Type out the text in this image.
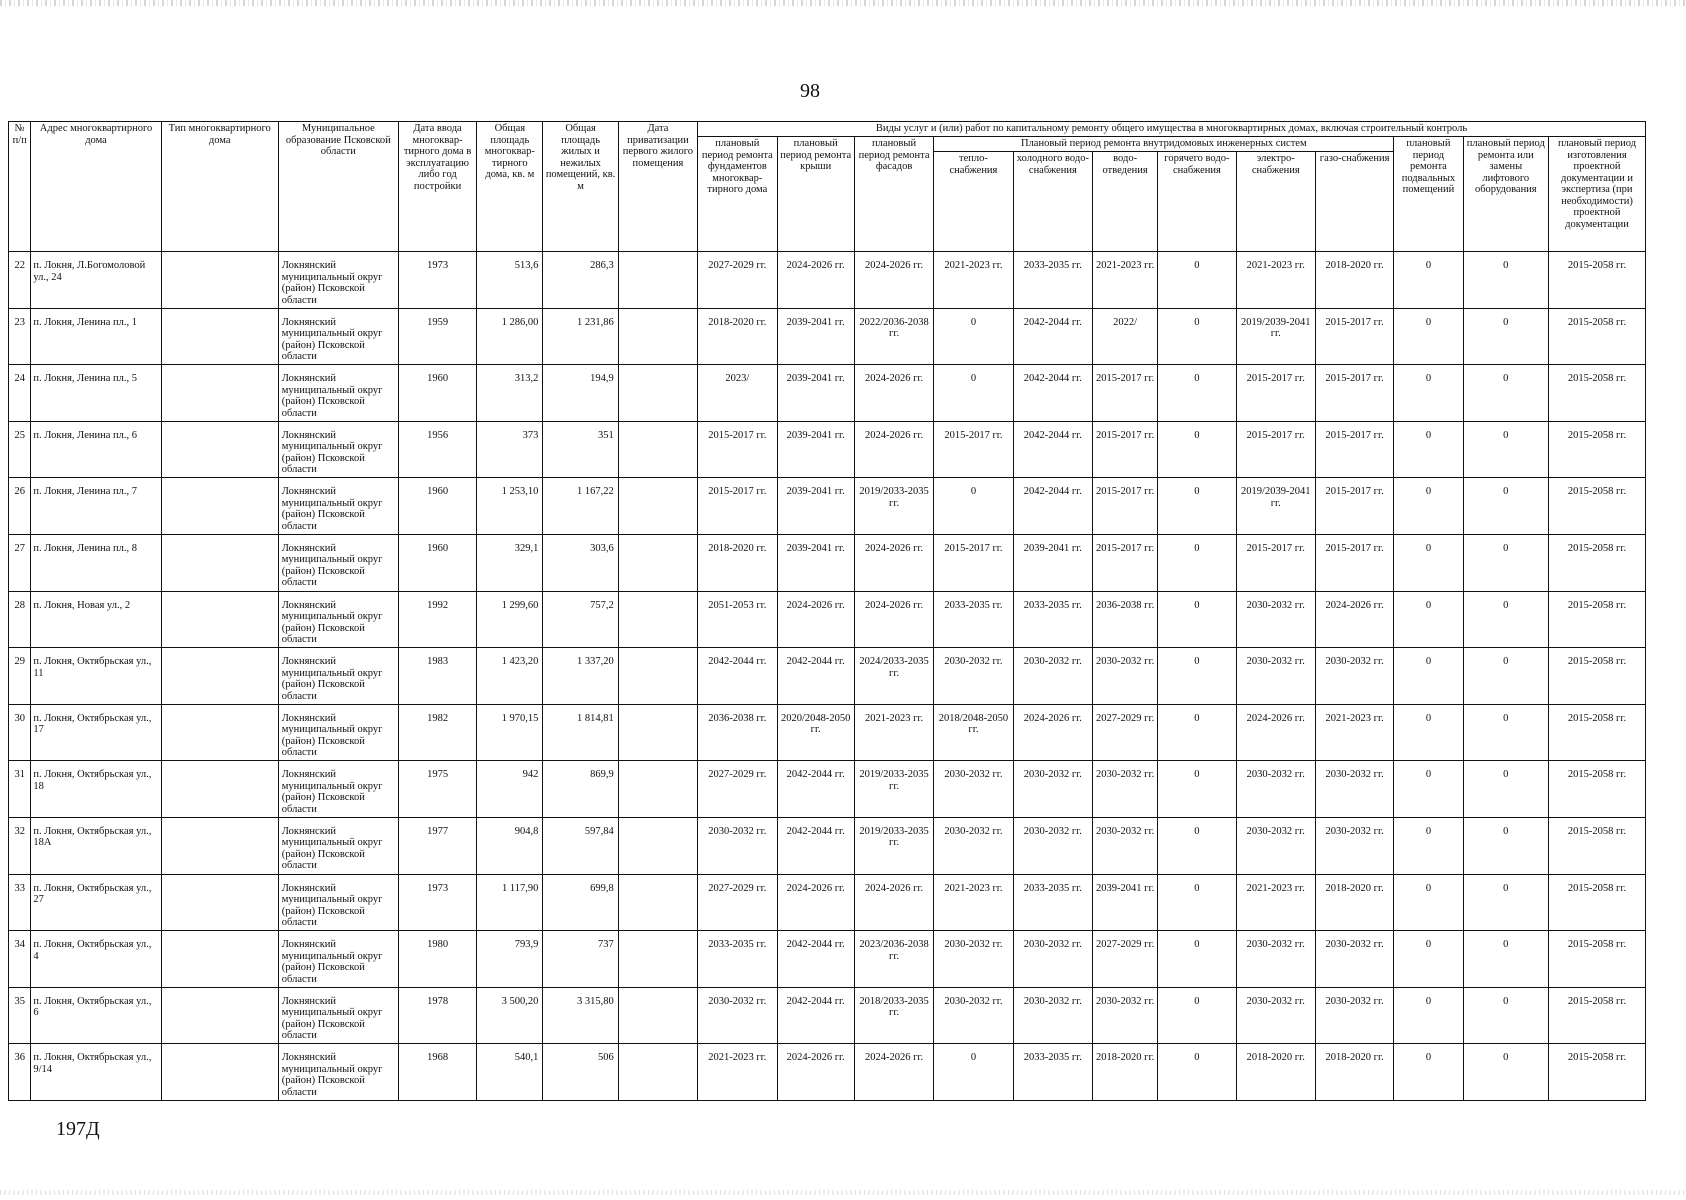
98
№ п/п	Адрес многоквартирного дома	Тип многоквартирного дома	Муниципальное образование Псковской области	Дата ввода многоквар-тирного дома в эксплуатацию либо год постройки	Общая площадь многоквар-тирного дома, кв. м	Общая площадь жилых и нежилых помещений, кв. м	Дата приватизации первого жилого помещения	Виды услуг и (или) работ по капитальному ремонту общего имущества в многоквартирных домах, включая строительный контроль											
								плановый период ремонта фундаментов многоквар-тирного дома	плановый период ремонта крыши	плановый период ремонта фасадов	Плановый период ремонта внутридомовых инженерных систем						плановый период ремонта подвальных помещений	плановый период ремонта или замены лифтового оборудования	плановый период изготовления проектной документации и экспертиза (при необходимости) проектной документации
											тепло-снабжения	холодного водо-снабжения	водо-отведения	горячего водо-снабжения	электро-снабжения	газо-снабжения			
22	п. Локня, Л.Богомоловой ул., 24		Локнянский муниципальный округ (район) Псковской области	1973	513,6	286,3		2027-2029 гг.	2024-2026 гг.	2024-2026 гг.	2021-2023 гг.	2033-2035 гг.	2021-2023 гг.	0	2021-2023 гг.	2018-2020 гг.	0	0	2015-2058 гг.
23	п. Локня, Ленина пл., 1		Локнянский муниципальный округ (район) Псковской области	1959	1 286,00	1 231,86		2018-2020 гг.	2039-2041 гг.	2022/2036-2038 гг.	0	2042-2044 гг.	2022/	0	2019/2039-2041 гг.	2015-2017 гг.	0	0	2015-2058 гг.
24	п. Локня, Ленина пл., 5		Локнянский муниципальный округ (район) Псковской области	1960	313,2	194,9		2023/	2039-2041 гг.	2024-2026 гг.	0	2042-2044 гг.	2015-2017 гг.	0	2015-2017 гг.	2015-2017 гг.	0	0	2015-2058 гг.
25	п. Локня, Ленина пл., 6		Локнянский муниципальный округ (район) Псковской области	1956	373	351		2015-2017 гг.	2039-2041 гг.	2024-2026 гг.	2015-2017 гг.	2042-2044 гг.	2015-2017 гг.	0	2015-2017 гг.	2015-2017 гг.	0	0	2015-2058 гг.
26	п. Локня, Ленина пл., 7		Локнянский муниципальный округ (район) Псковской области	1960	1 253,10	1 167,22		2015-2017 гг.	2039-2041 гг.	2019/2033-2035 гг.	0	2042-2044 гг.	2015-2017 гг.	0	2019/2039-2041 гг.	2015-2017 гг.	0	0	2015-2058 гг.
27	п. Локня, Ленина пл., 8		Локнянский муниципальный округ (район) Псковской области	1960	329,1	303,6		2018-2020 гг.	2039-2041 гг.	2024-2026 гг.	2015-2017 гг.	2039-2041 гг.	2015-2017 гг.	0	2015-2017 гг.	2015-2017 гг.	0	0	2015-2058 гг.
28	п. Локня, Новая ул., 2		Локнянский муниципальный округ (район) Псковской области	1992	1 299,60	757,2		2051-2053 гг.	2024-2026 гг.	2024-2026 гг.	2033-2035 гг.	2033-2035 гг.	2036-2038 гг.	0	2030-2032 гг.	2024-2026 гг.	0	0	2015-2058 гг.
29	п. Локня, Октябрьская ул., 11		Локнянский муниципальный округ (район) Псковской области	1983	1 423,20	1 337,20		2042-2044 гг.	2042-2044 гг.	2024/2033-2035 гг.	2030-2032 гг.	2030-2032 гг.	2030-2032 гг.	0	2030-2032 гг.	2030-2032 гг.	0	0	2015-2058 гг.
30	п. Локня, Октябрьская ул., 17		Локнянский муниципальный округ (район) Псковской области	1982	1 970,15	1 814,81		2036-2038 гг.	2020/2048-2050 гг.	2021-2023 гг.	2018/2048-2050 гг.	2024-2026 гг.	2027-2029 гг.	0	2024-2026 гг.	2021-2023 гг.	0	0	2015-2058 гг.
31	п. Локня, Октябрьская ул., 18		Локнянский муниципальный округ (район) Псковской области	1975	942	869,9		2027-2029 гг.	2042-2044 гг.	2019/2033-2035 гг.	2030-2032 гг.	2030-2032 гг.	2030-2032 гг.	0	2030-2032 гг.	2030-2032 гг.	0	0	2015-2058 гг.
32	п. Локня, Октябрьская ул., 18А		Локнянский муниципальный округ (район) Псковской области	1977	904,8	597,84		2030-2032 гг.	2042-2044 гг.	2019/2033-2035 гг.	2030-2032 гг.	2030-2032 гг.	2030-2032 гг.	0	2030-2032 гг.	2030-2032 гг.	0	0	2015-2058 гг.
33	п. Локня, Октябрьская ул., 27		Локнянский муниципальный округ (район) Псковской области	1973	1 117,90	699,8		2027-2029 гг.	2024-2026 гг.	2024-2026 гг.	2021-2023 гг.	2033-2035 гг.	2039-2041 гг.	0	2021-2023 гг.	2018-2020 гг.	0	0	2015-2058 гг.
34	п. Локня, Октябрьская ул., 4		Локнянский муниципальный округ (район) Псковской области	1980	793,9	737		2033-2035 гг.	2042-2044 гг.	2023/2036-2038 гг.	2030-2032 гг.	2030-2032 гг.	2027-2029 гг.	0	2030-2032 гг.	2030-2032 гг.	0	0	2015-2058 гг.
35	п. Локня, Октябрьская ул., 6		Локнянский муниципальный округ (район) Псковской области	1978	3 500,20	3 315,80		2030-2032 гг.	2042-2044 гг.	2018/2033-2035 гг.	2030-2032 гг.	2030-2032 гг.	2030-2032 гг.	0	2030-2032 гг.	2030-2032 гг.	0	0	2015-2058 гг.
36	п. Локня, Октябрьская ул., 9/14		Локнянский муниципальный округ (район) Псковской области	1968	540,1	506		2021-2023 гг.	2024-2026 гг.	2024-2026 гг.	0	2033-2035 гг.	2018-2020 гг.	0	2018-2020 гг.	2018-2020 гг.	0	0	2015-2058 гг.
197Д
